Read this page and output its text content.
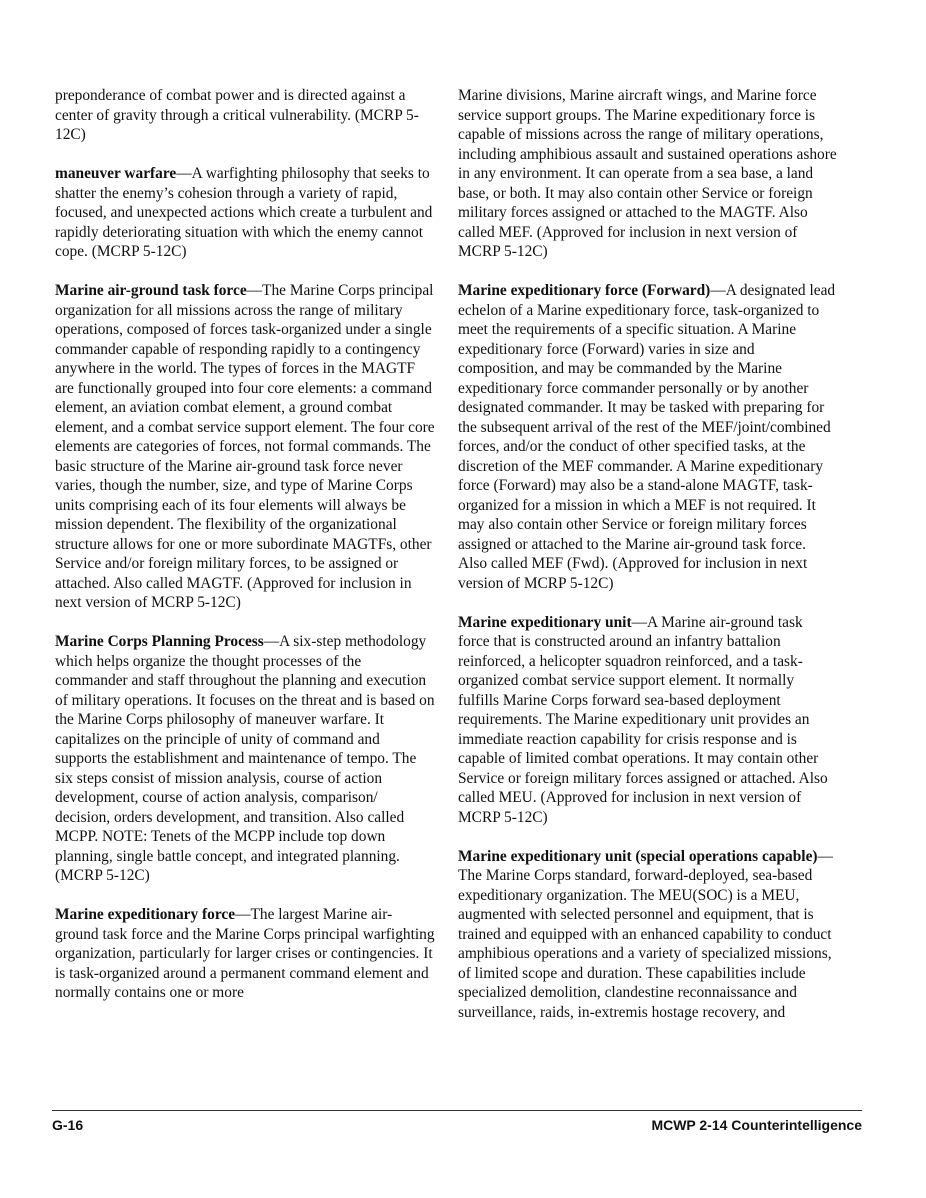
preponderance of combat power and is directed against a center of gravity through a critical vulnerability. (MCRP 5-12C)

maneuver warfare—A warfighting philosophy that seeks to shatter the enemy’s cohesion through a variety of rapid, focused, and unexpected actions which create a turbulent and rapidly deteriorating situation with which the enemy cannot cope. (MCRP 5-12C)

Marine air-ground task force—The Marine Corps principal organization for all missions across the range of military operations, composed of forces task-organized under a single commander capable of responding rapidly to a contingency anywhere in the world. The types of forces in the MAGTF are functionally grouped into four core elements: a command element, an aviation combat element, a ground combat element, and a combat service support element. The four core elements are categories of forces, not formal commands. The basic structure of the Marine air-ground task force never varies, though the number, size, and type of Marine Corps units comprising each of its four elements will always be mission dependent. The flexibility of the organizational structure allows for one or more subordinate MAGTFs, other Service and/or foreign military forces, to be assigned or attached. Also called MAGTF. (Approved for inclusion in next version of MCRP 5-12C)

Marine Corps Planning Process—A six-step methodology which helps organize the thought processes of the commander and staff throughout the planning and execution of military operations. It focuses on the threat and is based on the Marine Corps philosophy of maneuver warfare. It capitalizes on the principle of unity of command and supports the establishment and maintenance of tempo. The six steps consist of mission analysis, course of action development, course of action analysis, comparison/ decision, orders development, and transition. Also called MCPP. NOTE: Tenets of the MCPP include top down planning, single battle concept, and integrated planning. (MCRP 5-12C)

Marine expeditionary force—The largest Marine air-ground task force and the Marine Corps principal warfighting organization, particularly for larger crises or contingencies. It is task-organized around a permanent command element and normally contains one or more

Marine divisions, Marine aircraft wings, and Marine force service support groups. The Marine expeditionary force is capable of missions across the range of military operations, including amphibious assault and sustained operations ashore in any environment. It can operate from a sea base, a land base, or both. It may also contain other Service or foreign military forces assigned or attached to the MAGTF. Also called MEF. (Approved for inclusion in next version of MCRP 5-12C)

Marine expeditionary force (Forward)—A designated lead echelon of a Marine expeditionary force, task-organized to meet the requirements of a specific situation. A Marine expeditionary force (Forward) varies in size and composition, and may be commanded by the Marine expeditionary force commander personally or by another designated commander. It may be tasked with preparing for the subsequent arrival of the rest of the MEF/joint/combined forces, and/or the conduct of other specified tasks, at the discretion of the MEF commander. A Marine expeditionary force (Forward) may also be a stand-alone MAGTF, task-organized for a mission in which a MEF is not required. It may also contain other Service or foreign military forces assigned or attached to the Marine air-ground task force. Also called MEF (Fwd). (Approved for inclusion in next version of MCRP 5-12C)

Marine expeditionary unit—A Marine air-ground task force that is constructed around an infantry battalion reinforced, a helicopter squadron reinforced, and a task-organized combat service support element. It normally fulfills Marine Corps forward sea-based deployment requirements. The Marine expeditionary unit provides an immediate reaction capability for crisis response and is capable of limited combat operations. It may contain other Service or foreign military forces assigned or attached. Also called MEU. (Approved for inclusion in next version of MCRP 5-12C)

Marine expeditionary unit (special operations capable)—The Marine Corps standard, forward-deployed, sea-based expeditionary organization. The MEU(SOC) is a MEU, augmented with selected personnel and equipment, that is trained and equipped with an enhanced capability to conduct amphibious operations and a variety of specialized missions, of limited scope and duration. These capabilities include specialized demolition, clandestine reconnaissance and surveillance, raids, in-extremis hostage recovery, and

G-16	MCWP 2-14 Counterintelligence
